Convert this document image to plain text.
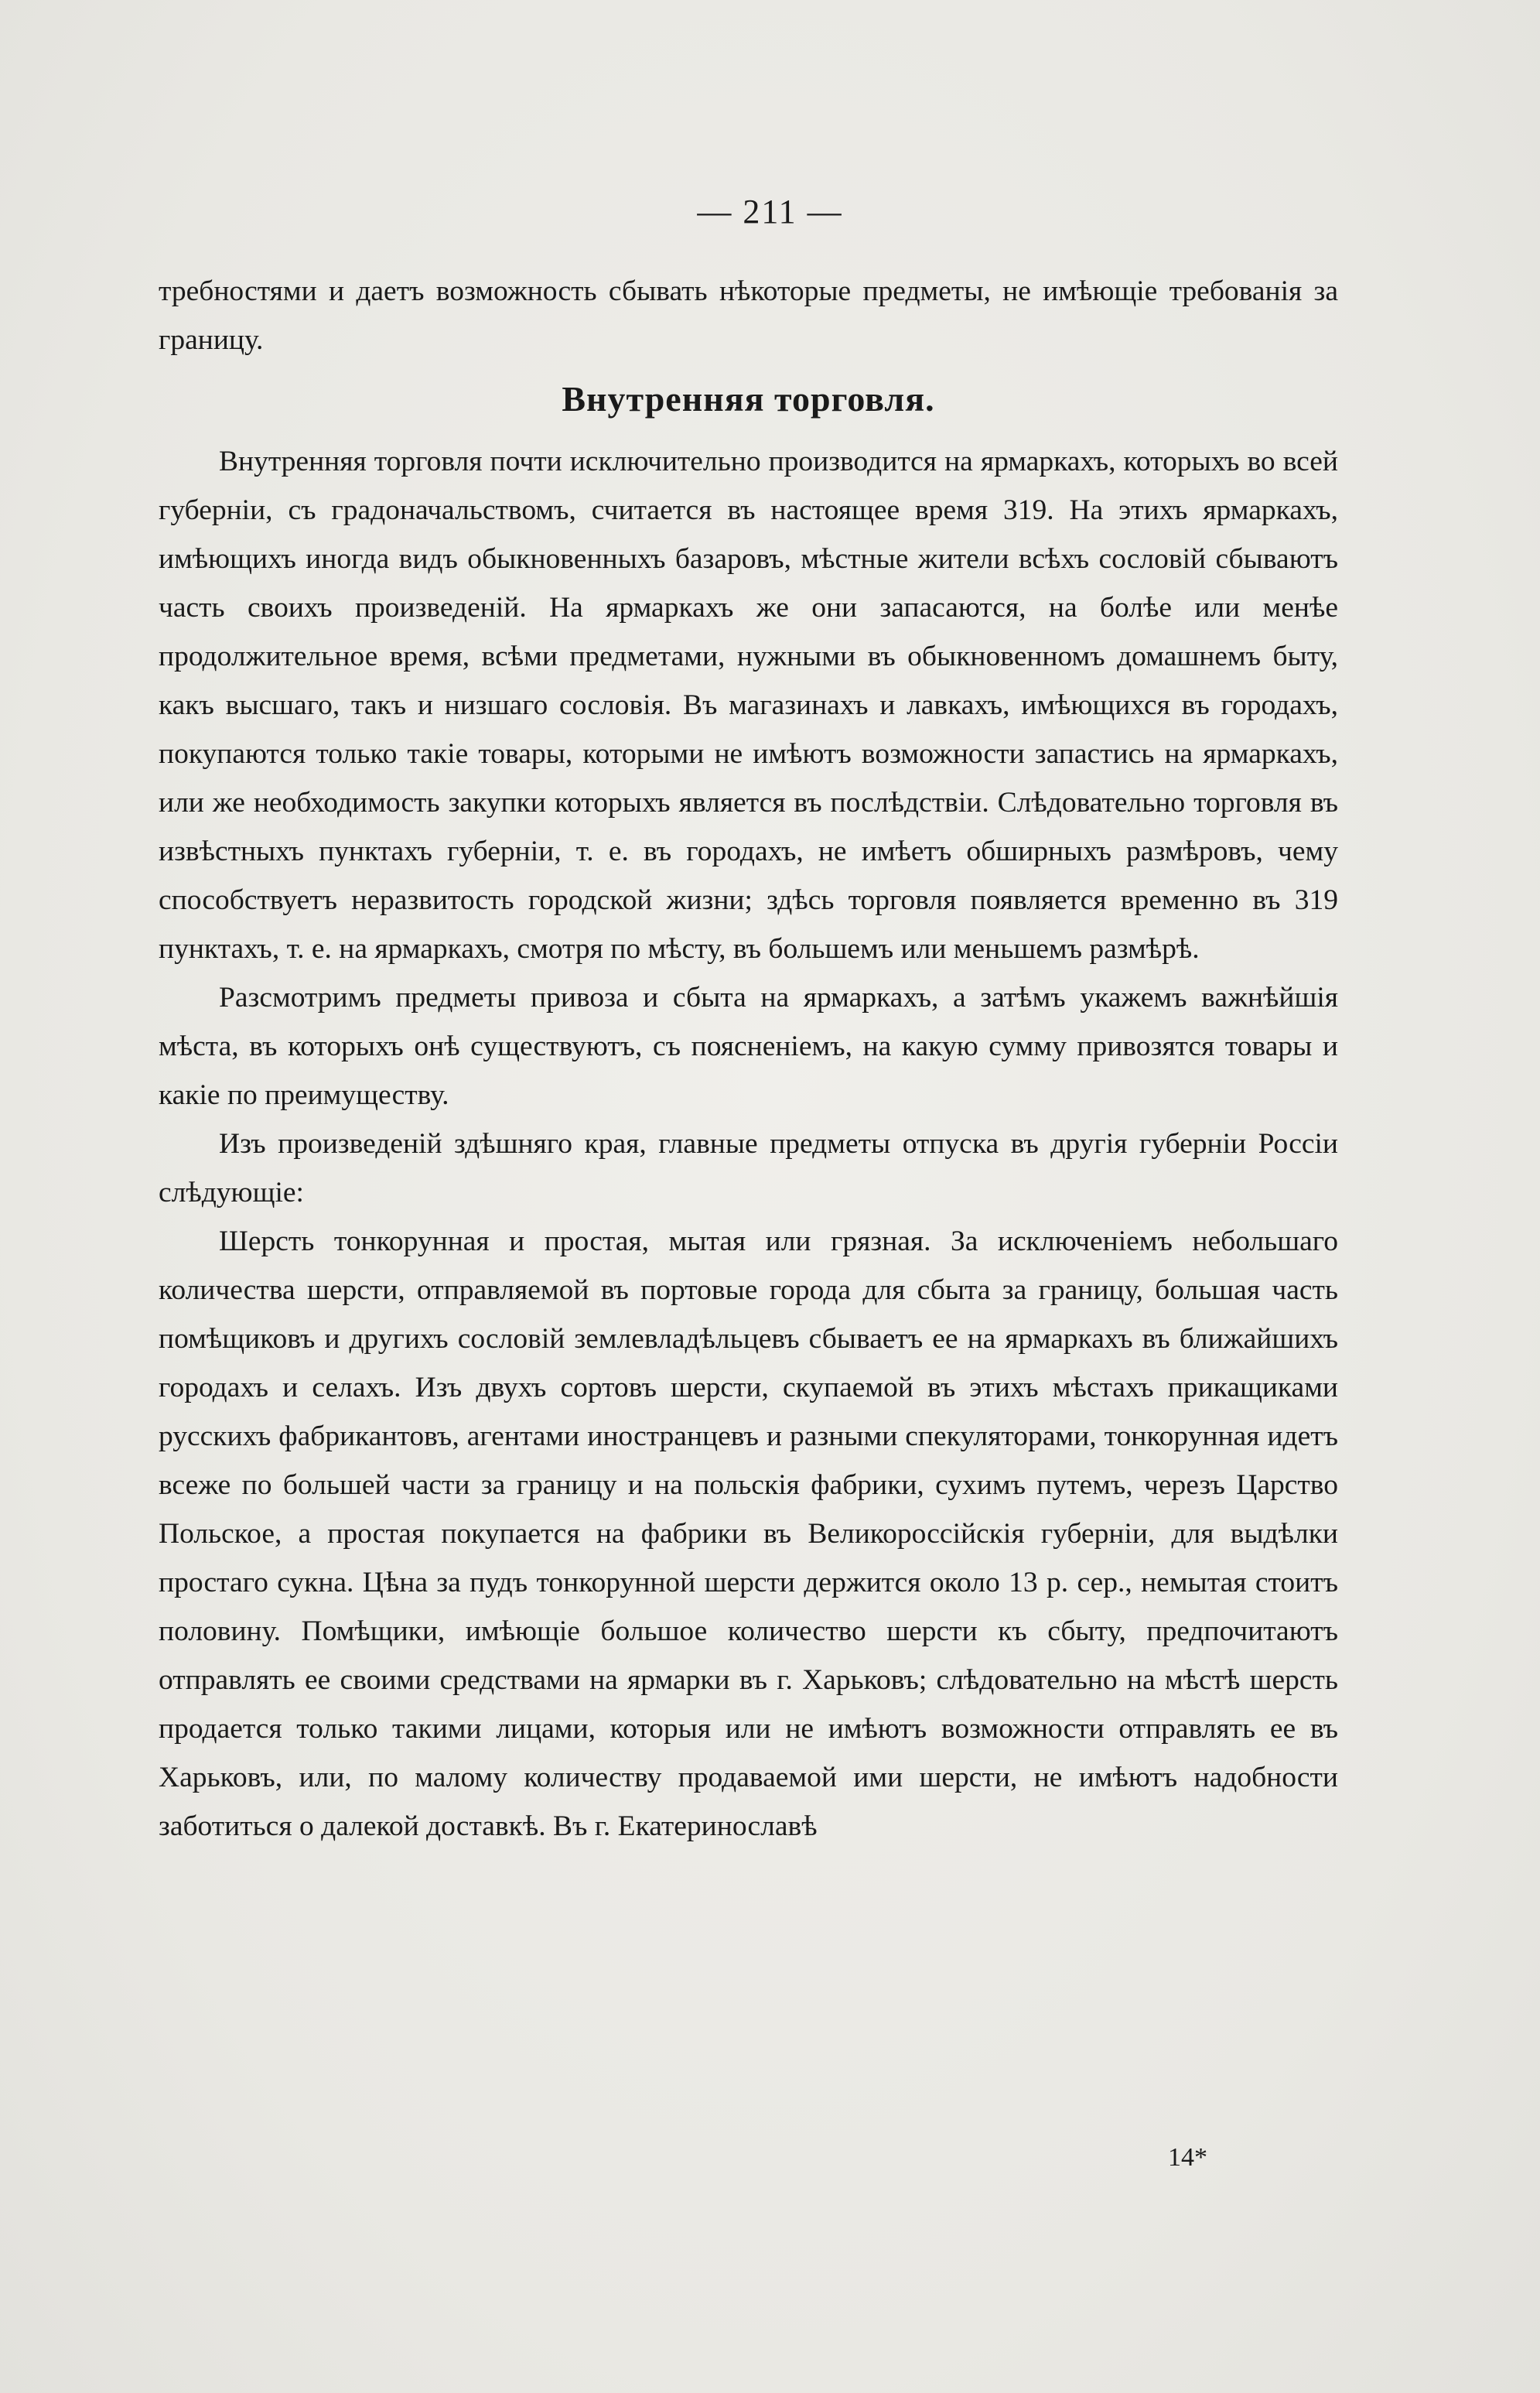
— 211 —

требностями и даетъ возможность сбывать нѣкоторые предметы, не имѣющіе требованія за границу.

Внутренняя торговля.

Внутренняя торговля почти исключительно производится на ярмаркахъ, которыхъ во всей губерніи, съ градоначальствомъ, считается въ настоящее время 319. На этихъ ярмаркахъ, имѣющихъ иногда видъ обыкновенныхъ базаровъ, мѣстные жители всѣхъ сословій сбываютъ часть своихъ произведеній. На ярмаркахъ же они запасаются, на болѣе или менѣе продолжительное время, всѣми предметами, нужными въ обыкновенномъ домашнемъ быту, какъ высшаго, такъ и низшаго сословія. Въ магазинахъ и лавкахъ, имѣющихся въ городахъ, покупаются только такіе товары, которыми не имѣютъ возможности запастись на ярмаркахъ, или же необходимость закупки которыхъ является въ послѣдствіи. Слѣдовательно торговля въ извѣстныхъ пунктахъ губерніи, т. е. въ городахъ, не имѣетъ обширныхъ размѣровъ, чему способствуетъ неразвитость городской жизни; здѣсь торговля появляется временно въ 319 пунктахъ, т. е. на ярмаркахъ, смотря по мѣсту, въ большемъ или меньшемъ размѣрѣ.

Разсмотримъ предметы привоза и сбыта на ярмаркахъ, а затѣмъ укажемъ важнѣйшія мѣста, въ которыхъ онѣ существуютъ, съ поясненіемъ, на какую сумму привозятся товары и какіе по преимуществу.

Изъ произведеній здѣшняго края, главные предметы отпуска въ другія губерніи Россіи слѣдующіе:

Шерсть тонкорунная и простая, мытая или грязная. За исключеніемъ небольшаго количества шерсти, отправляемой въ портовые города для сбыта за границу, большая часть помѣщиковъ и другихъ сословій землевладѣльцевъ сбываетъ ее на ярмаркахъ въ ближайшихъ городахъ и селахъ. Изъ двухъ сортовъ шерсти, скупаемой въ этихъ мѣстахъ прикащиками русскихъ фабрикантовъ, агентами иностранцевъ и разными спекуляторами, тонкорунная идетъ всеже по большей части за границу и на польскія фабрики, сухимъ путемъ, черезъ Царство Польское, а простая покупается на фабрики въ Великороссійскія губерніи, для выдѣлки простаго сукна. Цѣна за пудъ тонкорунной шерсти держится около 13 р. сер., немытая стоитъ половину. Помѣщики, имѣющіе большое количество шерсти къ сбыту, предпочитаютъ отправлять ее своими средствами на ярмарки въ г. Харьковъ; слѣдовательно на мѣстѣ шерсть продается только такими лицами, которыя или не имѣютъ возможности отправлять ее въ Харьковъ, или, по малому количеству продаваемой ими шерсти, не имѣютъ надобности заботиться о далекой доставкѣ. Въ г. Екатеринославѣ

14*
